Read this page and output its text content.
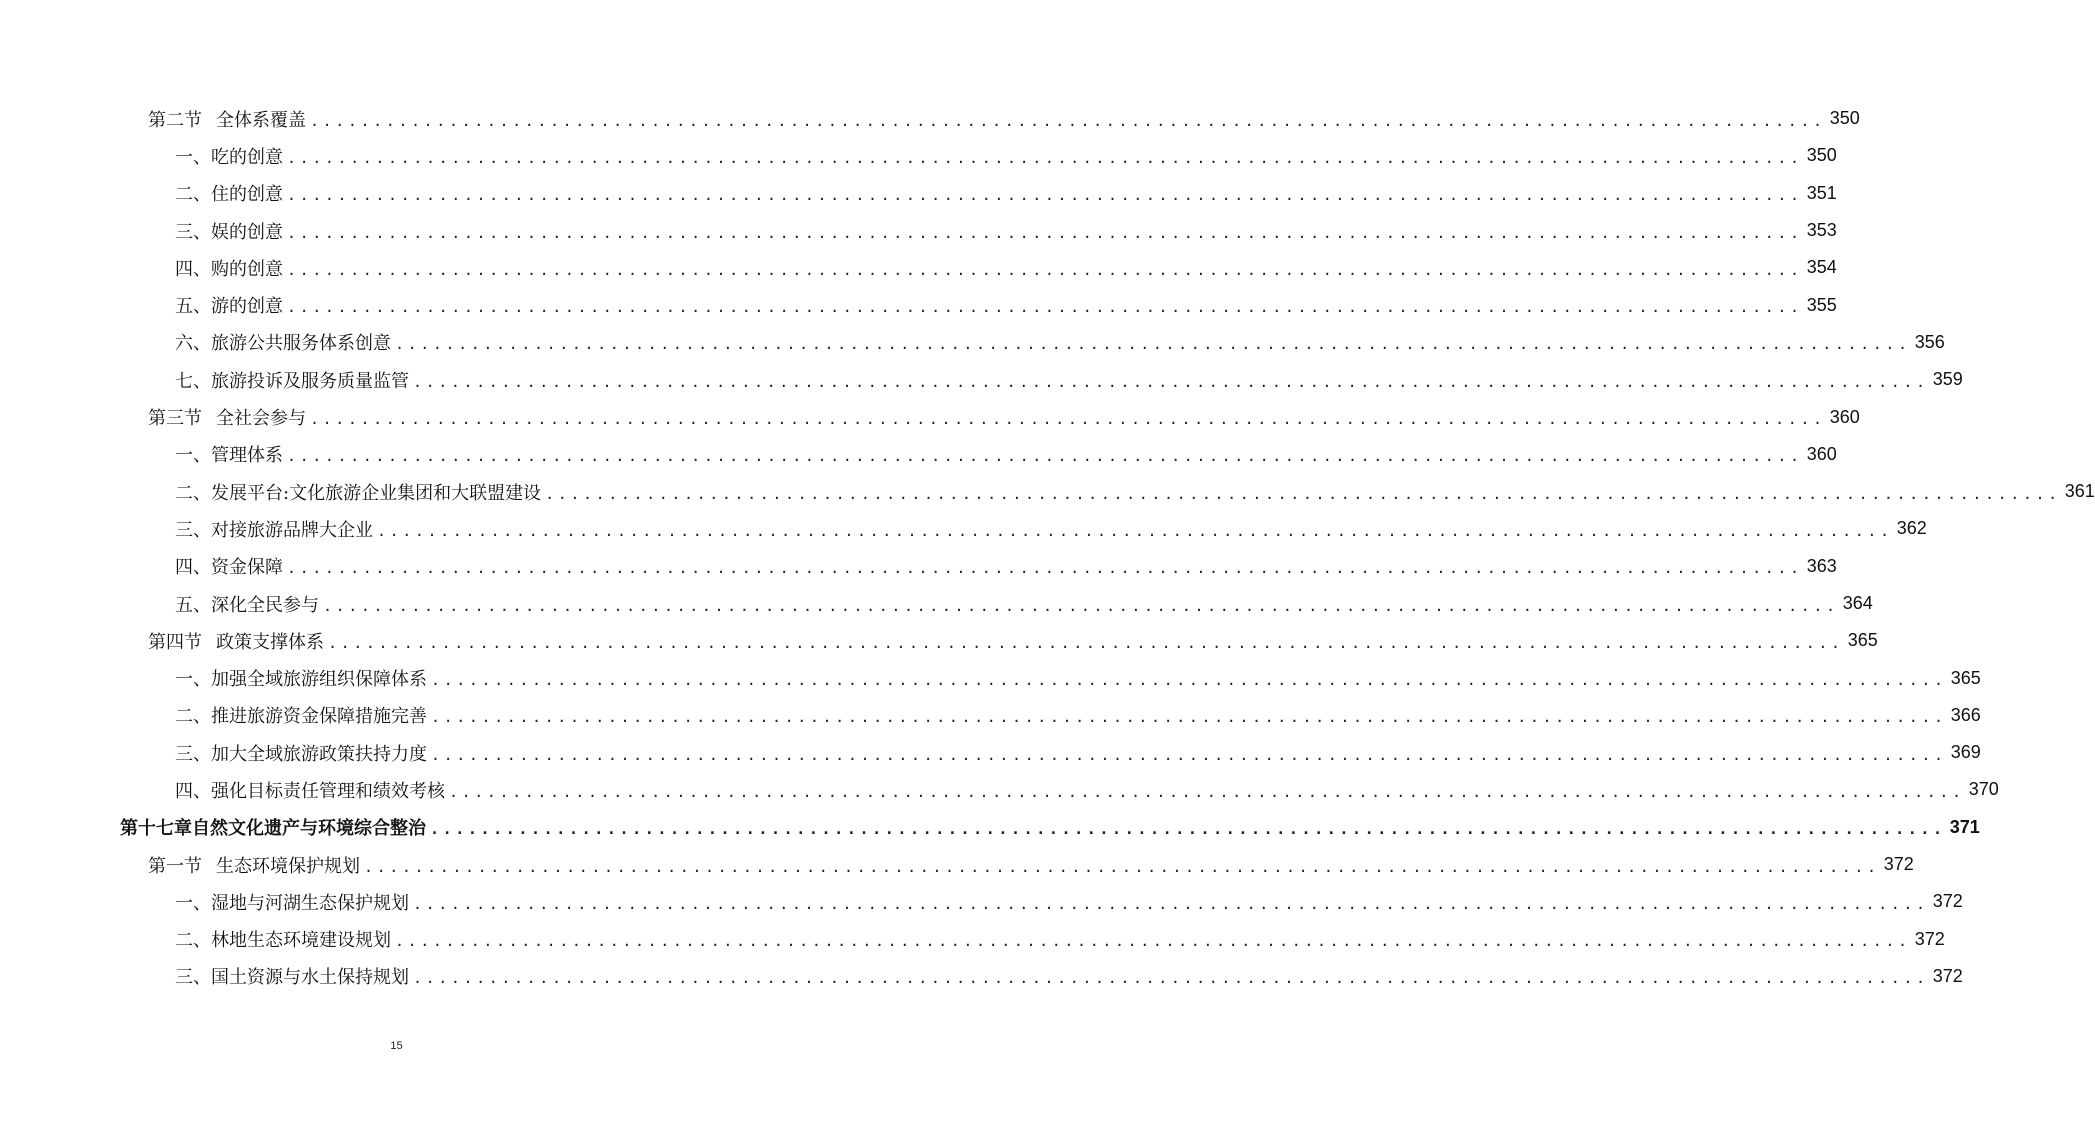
第二节 全体系覆盖 ........................................................................................................................ 350
一、吃的创意 ........................................................................................................................ 350
二、住的创意 ........................................................................................................................ 351
三、娱的创意 ........................................................................................................................ 353
四、购的创意 ........................................................................................................................ 354
五、游的创意 ........................................................................................................................ 355
六、旅游公共服务体系创意 ........................................................................................................................ 356
七、旅游投诉及服务质量监管 ........................................................................................................................ 359
第三节 全社会参与 ........................................................................................................................ 360
一、管理体系 ........................................................................................................................ 360
二、发展平台:文化旅游企业集团和大联盟建设 ........................................................................................................................ 361
三、对接旅游品牌大企业 ........................................................................................................................ 362
四、资金保障 ........................................................................................................................ 363
五、深化全民参与 ........................................................................................................................ 364
第四节 政策支撑体系 ........................................................................................................................ 365
一、加强全域旅游组织保障体系 ........................................................................................................................ 365
二、推进旅游资金保障措施完善 ........................................................................................................................ 366
三、加大全域旅游政策扶持力度 ........................................................................................................................ 369
四、强化目标责任管理和绩效考核 ........................................................................................................................ 370
第十七章自然文化遗产与环境综合整治 ........................................................................................................................ 371
第一节 生态环境保护规划 ........................................................................................................................ 372
一、湿地与河湖生态保护规划 ........................................................................................................................ 372
二、林地生态环境建设规划 ........................................................................................................................ 372
三、国土资源与水土保持规划 ........................................................................................................................ 372
15
